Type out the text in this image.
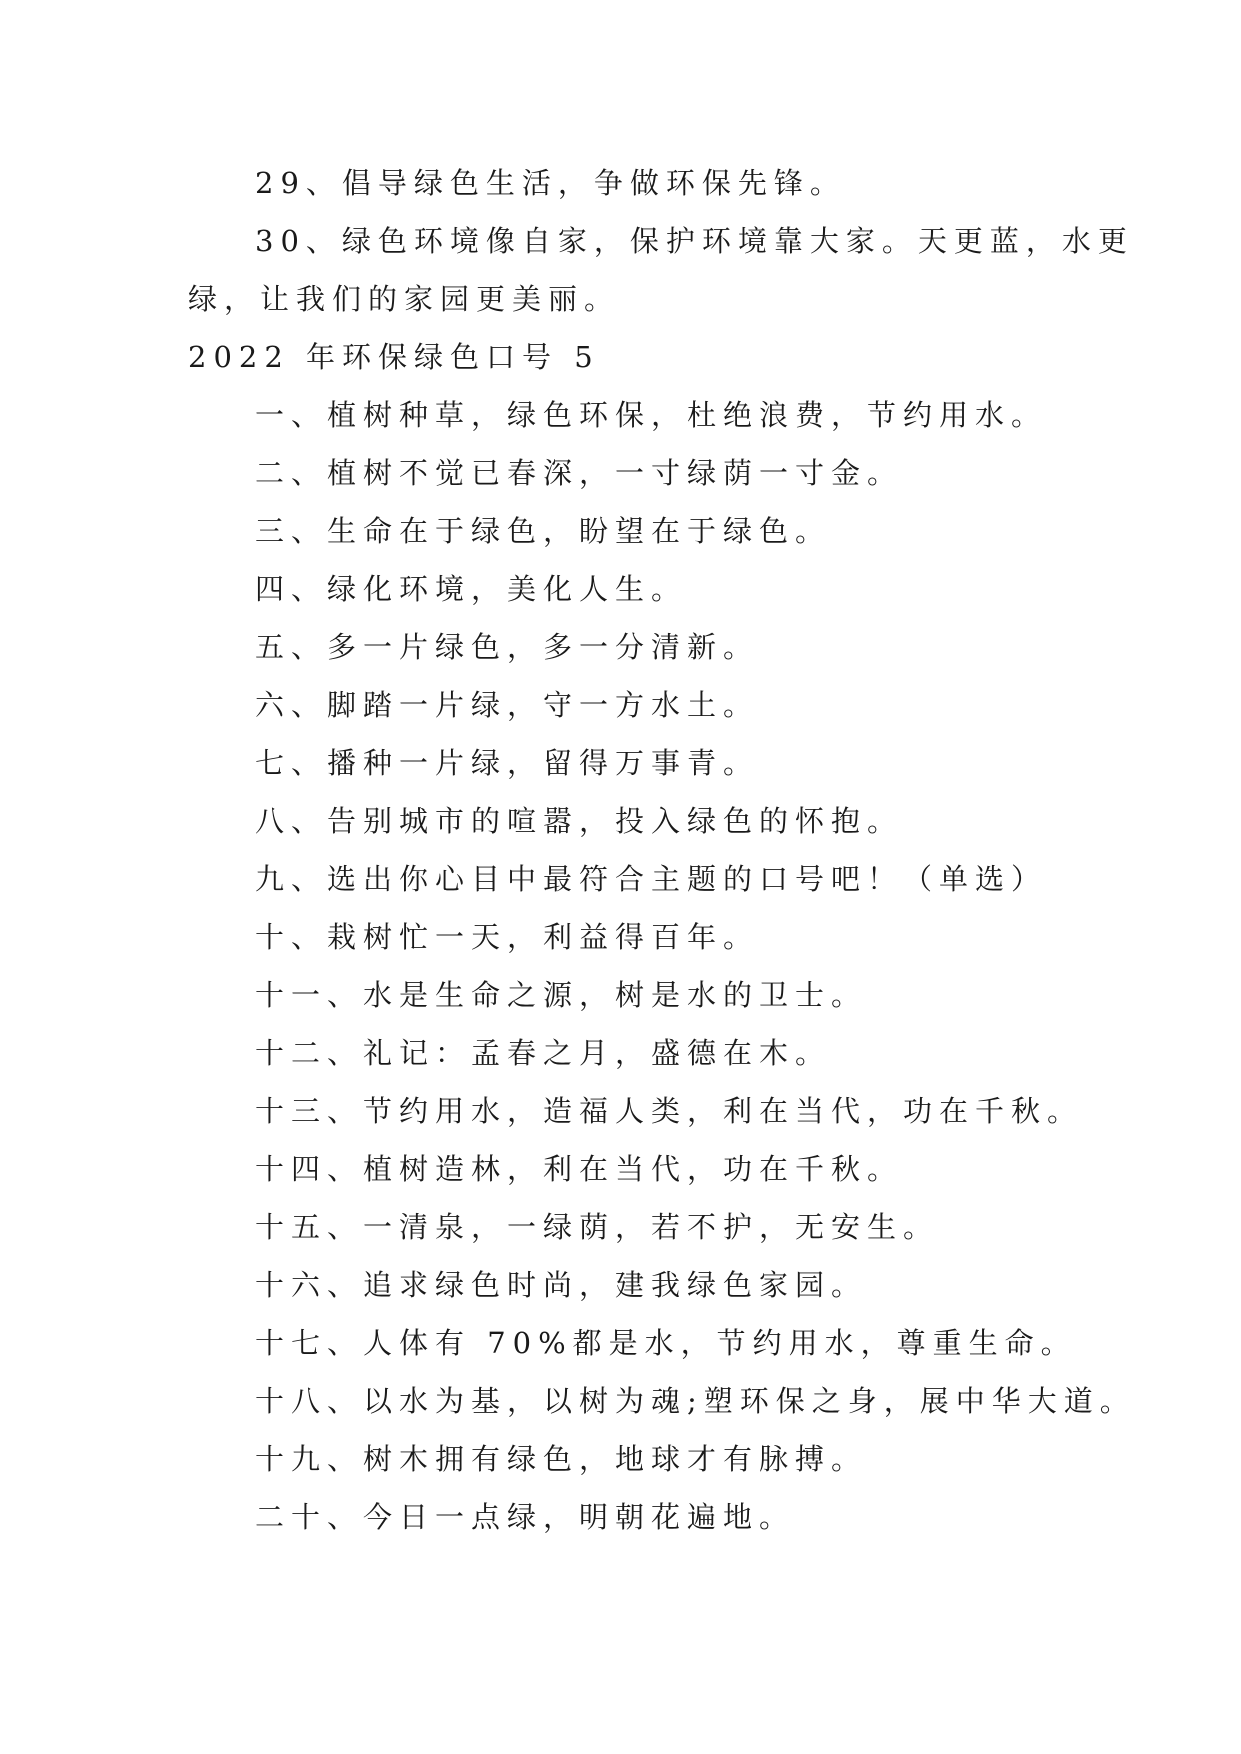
29、倡导绿色生活，争做环保先锋。
30、绿色环境像自家，保护环境靠大家。天更蓝，水更
绿，让我们的家园更美丽。
2022 年环保绿色口号 5
一、植树种草，绿色环保，杜绝浪费，节约用水。
二、植树不觉已春深，一寸绿荫一寸金。
三、生命在于绿色，盼望在于绿色。
四、绿化环境，美化人生。
五、多一片绿色，多一分清新。
六、脚踏一片绿，守一方水土。
七、播种一片绿，留得万事青。
八、告别城市的喧嚣，投入绿色的怀抱。
九、选出你心目中最符合主题的口号吧！（单选）
十、栽树忙一天，利益得百年。
十一、水是生命之源，树是水的卫士。
十二、礼记：孟春之月，盛德在木。
十三、节约用水，造福人类，利在当代，功在千秋。
十四、植树造林，利在当代，功在千秋。
十五、一清泉，一绿荫，若不护，无安生。
十六、追求绿色时尚，建我绿色家园。
十七、人体有 70%都是水，节约用水，尊重生命。
十八、以水为基，以树为魂;塑环保之身，展中华大道。
十九、树木拥有绿色，地球才有脉搏。
二十、今日一点绿，明朝花遍地。
